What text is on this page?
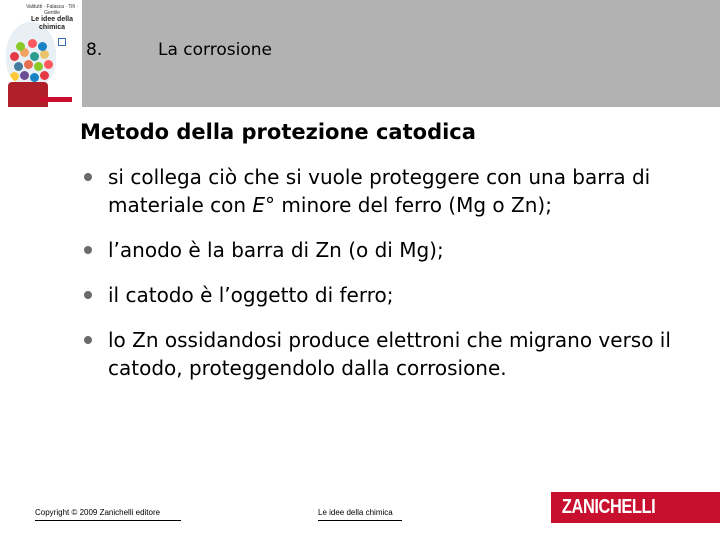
Valitutti · Falasca · Tifi · Gentile
Le idee della chimica
8.	La corrosione
Metodo della protezione catodica
si collega ciò che si vuole proteggere con una barra di materiale con E° minore del ferro (Mg o Zn);
l’anodo è la barra di Zn (o di Mg);
il catodo è l’oggetto di ferro;
lo Zn ossidandosi produce elettroni che migrano verso il catodo, proteggendolo dalla corrosione.
Copyright © 2009 Zanichelli editore	Le idee della chimica	ZANICHELLI
